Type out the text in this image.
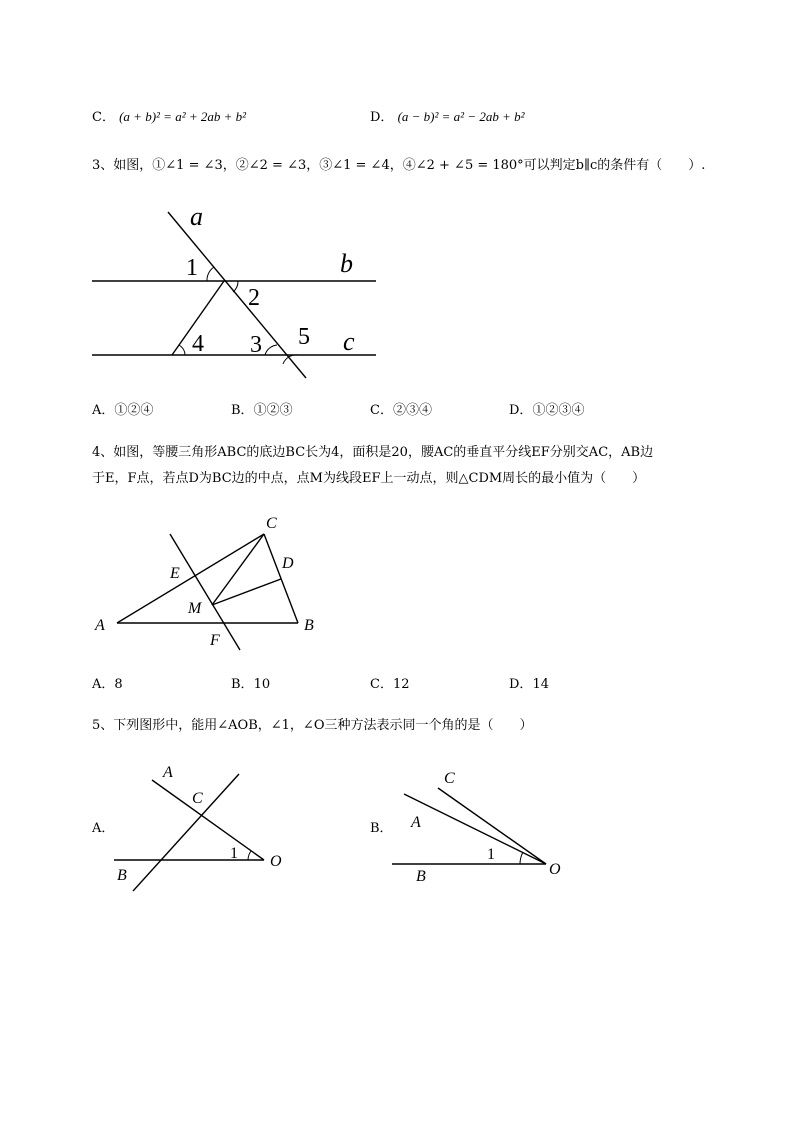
C． (a + b)² = a² + 2ab + b²	D． (a − b)² = a² − 2ab + b²
3、如图，①∠1 = ∠3，②∠2 = ∠3，③∠1 = ∠4，④∠2 + ∠5 = 180°可以判定b∥c的条件有（　　）.
a
b
c
1
2
3
4	5
A．①②④	B．①②③	C．②③④	D．①②③④
4、如图，等腰三角形ABC的底边BC长为4，面积是20，腰AC的垂直平分线EF分别交AC，AB边
于E，F点，若点D为BC边的中点，点M为线段EF上一动点，则△CDM周长的最小值为（　　）
C
D
E
M
A	B
F
A．8	B．10	C．12	D．14
5、下列图形中，能用∠AOB，∠1，∠O三种方法表示同一个角的是（　　）
A．
A
C
1 O
B
B．
C
A
1
O
B
